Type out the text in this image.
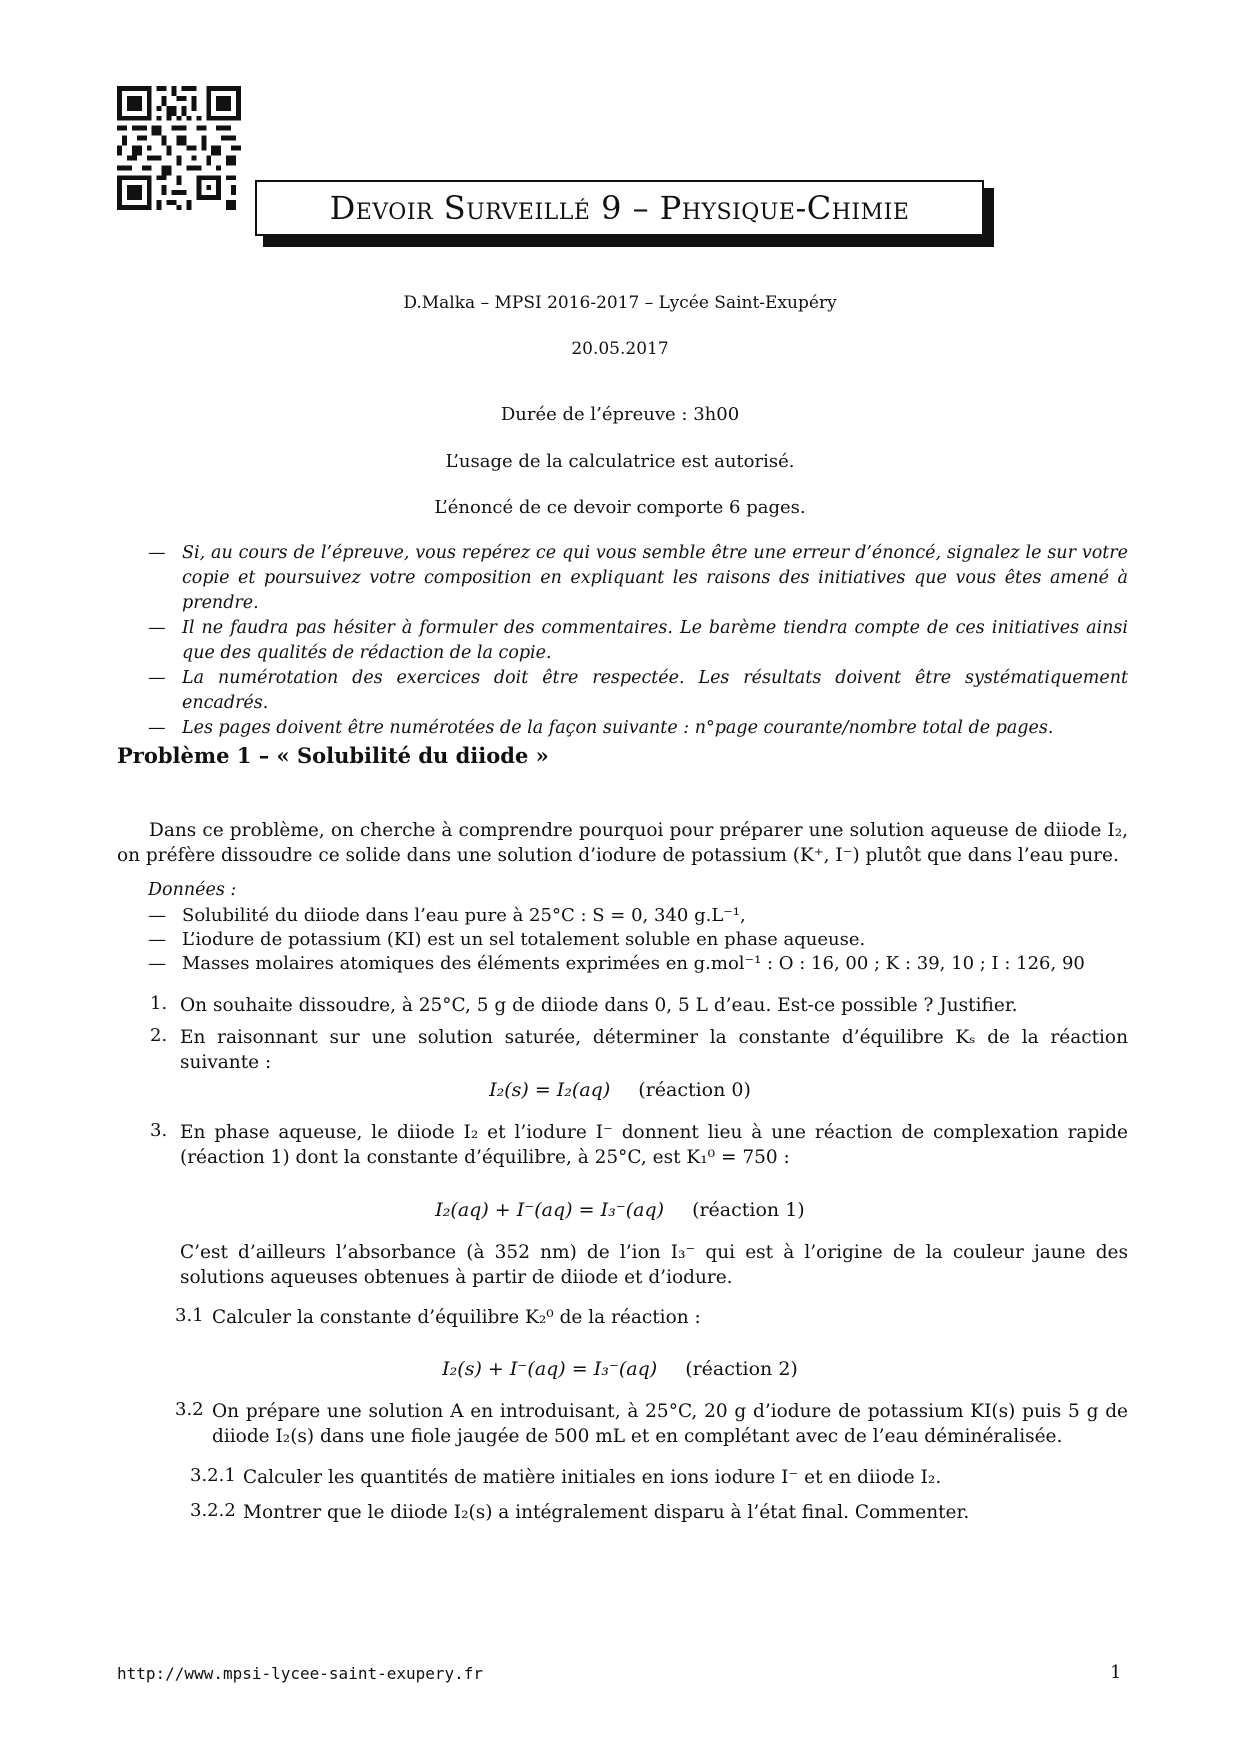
Devoir Surveillé 9 – Physique-Chimie
D.Malka – MPSI 2016-2017 – Lycée Saint-Exupéry
20.05.2017
Durée de l’épreuve : 3h00
L’usage de la calculatrice est autorisé.
L’énoncé de ce devoir comporte 6 pages.
— Si, au cours de l’épreuve, vous repérez ce qui vous semble être une erreur d’énoncé, signalez le sur votre copie et poursuivez votre composition en expliquant les raisons des initiatives que vous êtes amené à prendre.
— Il ne faudra pas hésiter à formuler des commentaires. Le barème tiendra compte de ces initiatives ainsi que des qualités de rédaction de la copie.
— La numérotation des exercices doit être respectée. Les résultats doivent être systématiquement encadrés.
— Les pages doivent être numérotées de la façon suivante : n°page courante/nombre total de pages.
Problème 1 – « Solubilité du diiode »
Dans ce problème, on cherche à comprendre pourquoi pour préparer une solution aqueuse de diiode I₂, on préfère dissoudre ce solide dans une solution d’iodure de potassium (K⁺, I⁻) plutôt que dans l’eau pure.
Données :
— Solubilité du diiode dans l’eau pure à 25°C : S = 0, 340 g.L⁻¹,
— L’iodure de potassium (KI) est un sel totalement soluble en phase aqueuse.
— Masses molaires atomiques des éléments exprimées en g.mol⁻¹ : O : 16, 00 ; K : 39, 10 ; I : 126, 90
1. On souhaite dissoudre, à 25°C, 5 g de diiode dans 0, 5 L d’eau. Est-ce possible ? Justifier.
2. En raisonnant sur une solution saturée, déterminer la constante d’équilibre Kₛ de la réaction suivante :
I₂(s) = I₂(aq) (réaction 0)
3. En phase aqueuse, le diiode I₂ et l’iodure I⁻ donnent lieu à une réaction de complexation rapide (réaction 1) dont la constante d’équilibre, à 25°C, est K₁⁰ = 750 :
I₂(aq) + I⁻(aq) = I₃⁻(aq) (réaction 1)
C’est d’ailleurs l’absorbance (à 352 nm) de l’ion I₃⁻ qui est à l’origine de la couleur jaune des solutions aqueuses obtenues à partir de diiode et d’iodure.
3.1 Calculer la constante d’équilibre K₂⁰ de la réaction :
I₂(s) + I⁻(aq) = I₃⁻(aq) (réaction 2)
3.2 On prépare une solution A en introduisant, à 25°C, 20 g d’iodure de potassium KI(s) puis 5 g de diiode I₂(s) dans une fiole jaugée de 500 mL et en complétant avec de l’eau déminéralisée.
3.2.1 Calculer les quantités de matière initiales en ions iodure I⁻ et en diiode I₂.
3.2.2 Montrer que le diiode I₂(s) a intégralement disparu à l’état final. Commenter.
http://www.mpsi-lycee-saint-exupery.fr	1
